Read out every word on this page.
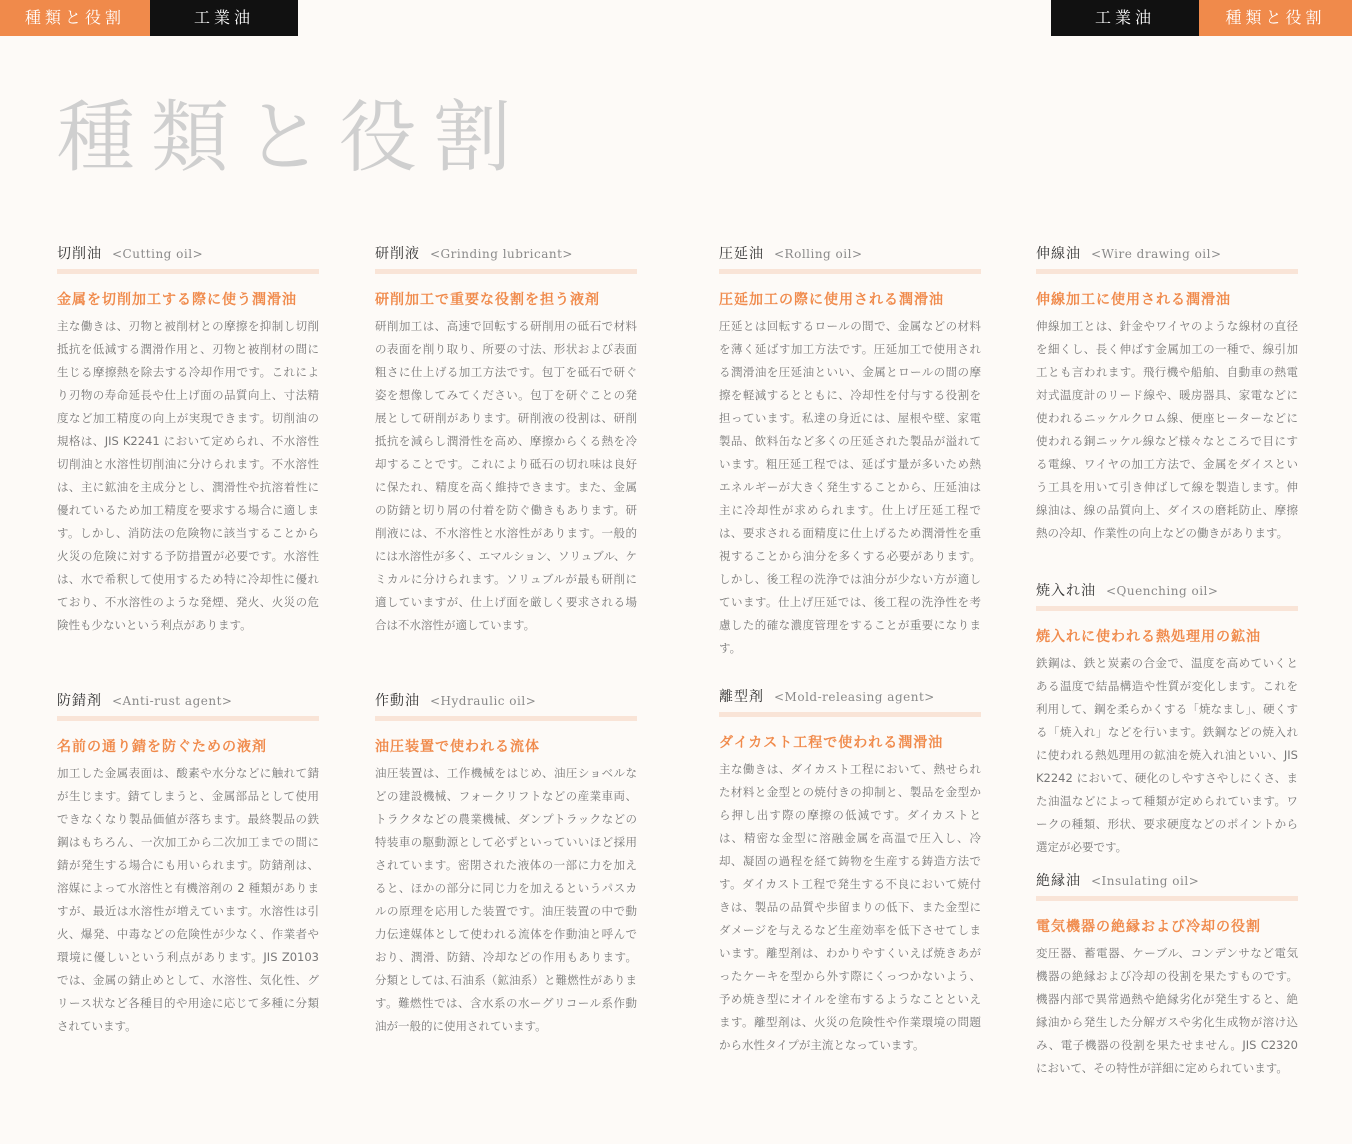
種類と役割	工業油	工業油	種類と役割
種類と役割
切削油 <Cutting oil>
金属を切削加工する際に使う潤滑油
主な働きは、刃物と被削材との摩擦を抑制し切削抵抗を低減する潤滑作用と、刃物と被削材の間に生じる摩擦熱を除去する冷却作用です。これにより刃物の寿命延長や仕上げ面の品質向上、寸法精度など加工精度の向上が実現できます。切削油の規格は、JIS K2241 において定められ、不水溶性切削油と水溶性切削油に分けられます。不水溶性は、主に鉱油を主成分とし、潤滑性や抗溶着性に優れているため加工精度を要求する場合に適します。しかし、消防法の危険物に該当することから火災の危険に対する予防措置が必要です。水溶性は、水で希釈して使用するため特に冷却性に優れており、不水溶性のような発煙、発火、火災の危険性も少ないという利点があります。
防錆剤 <Anti-rust agent>
名前の通り錆を防ぐための液剤
加工した金属表面は、酸素や水分などに触れて錆が生じます。錆てしまうと、金属部品として使用できなくなり製品価値が落ちます。最終製品の鉄鋼はもちろん、一次加工から二次加工までの間に錆が発生する場合にも用いられます。防錆剤は、溶媒によって水溶性と有機溶剤の 2 種類がありますが、最近は水溶性が増えています。水溶性は引火、爆発、中毒などの危険性が少なく、作業者や環境に優しいという利点があります。JIS Z0103 では、金属の錆止めとして、水溶性、気化性、グリース状など各種目的や用途に応じて多種に分類されています。
研削液 <Grinding lubricant>
研削加工で重要な役割を担う液剤
研削加工は、高速で回転する研削用の砥石で材料の表面を削り取り、所要の寸法、形状および表面粗さに仕上げる加工方法です。包丁を砥石で研ぐ姿を想像してみてください。包丁を研ぐことの発展として研削があります。研削液の役割は、研削抵抗を減らし潤滑性を高め、摩擦からくる熱を冷却することです。これにより砥石の切れ味は良好に保たれ、精度を高く維持できます。また、金属の防錆と切り屑の付着を防ぐ働きもあります。研削液には、不水溶性と水溶性があります。一般的には水溶性が多く、エマルション、ソリュブル、ケミカルに分けられます。ソリュブルが最も研削に適していますが、仕上げ面を厳しく要求される場合は不水溶性が適しています。
作動油 <Hydraulic oil>
油圧装置で使われる流体
油圧装置は、工作機械をはじめ、油圧ショベルなどの建設機械、フォークリフトなどの産業車両、トラクタなどの農業機械、ダンプトラックなどの特装車の駆動源として必ずといっていいほど採用されています。密閉された液体の一部に力を加えると、ほかの部分に同じ力を加えるというパスカルの原理を応用した装置です。油圧装置の中で動力伝達媒体として使われる流体を作動油と呼んでおり、潤滑、防錆、冷却などの作用もあります。分類としては､石油系（鉱油系）と難燃性があります。難燃性では、含水系の水ーグリコール系作動油が一般的に使用されています。
圧延油 <Rolling oil>
圧延加工の際に使用される潤滑油
圧延とは回転するロールの間で、金属などの材料を薄く延ばす加工方法です。圧延加工で使用される潤滑油を圧延油といい、金属とロールの間の摩擦を軽減するとともに、冷却性を付与する役割を担っています。私達の身近には、屋根や壁、家電製品、飲料缶など多くの圧延された製品が溢れています。粗圧延工程では、延ばす量が多いため熱エネルギーが大きく発生することから、圧延油は主に冷却性が求められます。仕上げ圧延工程では、要求される面精度に仕上げるため潤滑性を重視することから油分を多くする必要があります。しかし、後工程の洗浄では油分が少ない方が適しています。仕上げ圧延では、後工程の洗浄性を考慮した的確な濃度管理をすることが重要になります。
離型剤 <Mold-releasing agent>
ダイカスト工程で使われる潤滑油
主な働きは、ダイカスト工程において、熱せられた材料と金型との焼付きの抑制と、製品を金型から押し出す際の摩擦の低減です。ダイカストとは、精密な金型に溶融金属を高温で圧入し、冷却、凝固の過程を経て鋳物を生産する鋳造方法です。ダイカスト工程で発生する不良において焼付きは、製品の品質や歩留まりの低下、また金型にダメージを与えるなど生産効率を低下させてしまいます。離型剤は、わかりやすくいえば焼きあがったケーキを型から外す際にくっつかないよう、予め焼き型にオイルを塗布するようなことといえます。離型剤は、火災の危険性や作業環境の問題から水性タイプが主流となっています。
伸線油 <Wire drawing oil>
伸線加工に使用される潤滑油
伸線加工とは、針金やワイヤのような線材の直径を細くし、長く伸ばす金属加工の一種で、線引加工とも言われます。飛行機や船舶、自動車の熱電対式温度計のリード線や、暖房器具、家電などに使われるニッケルクロム線、便座ヒーターなどに使われる銅ニッケル線など様々なところで目にする電線、ワイヤの加工方法で、金属をダイスという工具を用いて引き伸ばして線を製造します。伸線油は、線の品質向上、ダイスの磨耗防止、摩擦熱の冷却、作業性の向上などの働きがあります。
焼入れ油 <Quenching oil>
焼入れに使われる熱処理用の鉱油
鉄鋼は、鉄と炭素の合金で、温度を高めていくとある温度で結晶構造や性質が変化します。これを利用して、鋼を柔らかくする「焼なまし」、硬くする「焼入れ」などを行います。鉄鋼などの焼入れに使われる熱処理用の鉱油を焼入れ油といい、JIS K2242 において、硬化のしやすさやしにくさ、また油温などによって種類が定められています。ワークの種類、形状、要求硬度などのポイントから選定が必要です。
絶縁油 <Insulating oil>
電気機器の絶縁および冷却の役割
変圧器、蓄電器、ケーブル、コンデンサなど電気機器の絶縁および冷却の役割を果たすものです。機器内部で異常過熱や絶縁劣化が発生すると、絶縁油から発生した分解ガスや劣化生成物が溶け込み、電子機器の役割を果たせません。JIS C2320において、その特性が詳細に定められています。
